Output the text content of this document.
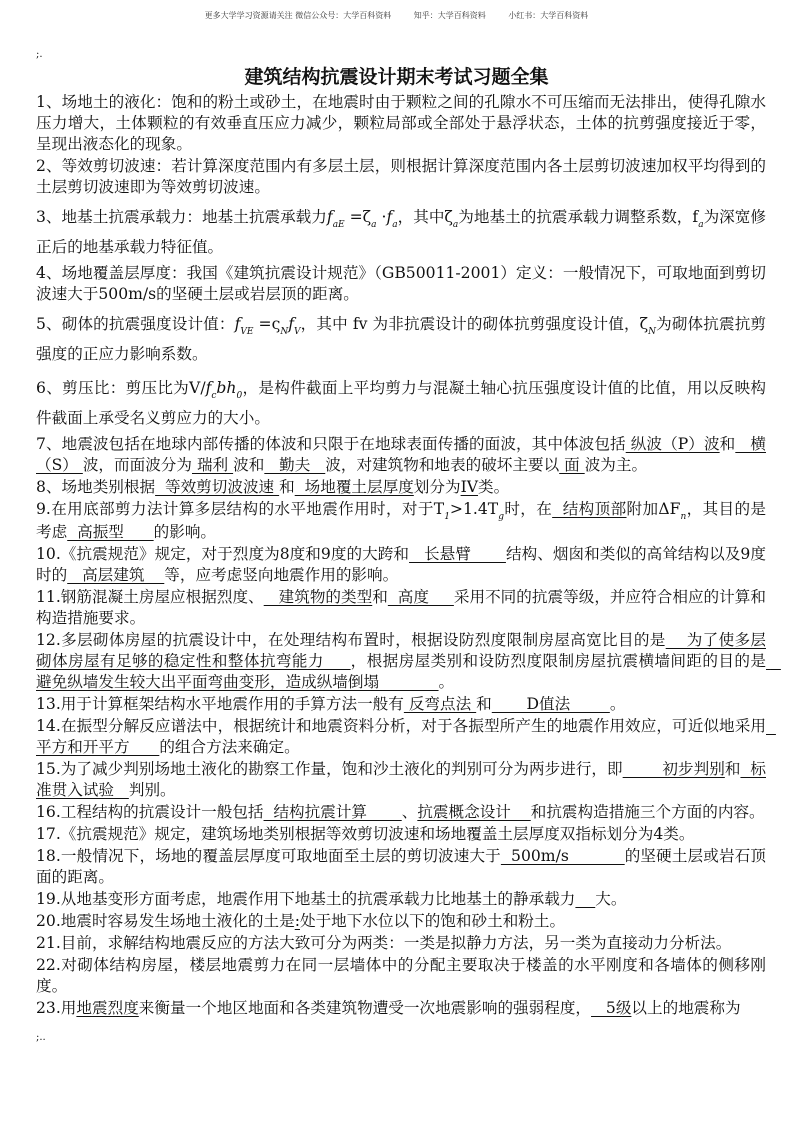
更多大学学习资源请关注 微信公众号：大学百科资料	知乎：大学百科资料	小红书：大学百科资料
;.
建筑结构抗震设计期末考试习题全集
1、场地土的液化：饱和的粉土或砂土，在地震时由于颗粒之间的孔隙水不可压缩而无法排出，使得孔隙水压力增大，土体颗粒的有效垂直压应力减少，颗粒局部或全部处于悬浮状态，土体的抗剪强度接近于零，呈现出液态化的现象。
2、等效剪切波速：若计算深度范围内有多层土层，则根据计算深度范围内各土层剪切波速加权平均得到的土层剪切波速即为等效剪切波速。
3、地基土抗震承载力：地基土抗震承载力$f_{aE} =\zeta_a \cdot f_a$，其中$\zeta_a$为地基土的抗震承载力调整系数，$f_a$为深宽修正后的地基承载力特征值。
4、场地覆盖层厚度：我国《建筑抗震设计规范》（GB50011-2001）定义：一般情况下，可取地面到剪切波速大于500m/s的坚硬土层或岩层顶的距离。
5、砌体的抗震强度设计值：$f_{VE} =\varsigma_Nf_V$，其中 fv 为非抗震设计的砌体抗剪强度设计值，$\zeta_N$为砌体抗震抗剪强度的正应力影响系数。
6、剪压比：剪压比为$V/f_cbh_0$，是构件截面上平均剪力与混凝土轴心抗压强度设计值的比值，用以反映构件截面上承受名义剪应力的大小。
7、地震波包括在地球内部传播的体波和只限于在地球表面传播的面波，其中体波包括 纵波（P）波和   横（S） 波，而面波分为 瑞利 波和   勤夫   波，对建筑物和地表的破坏主要以 面 波为主。
8、场地类别根据  等效剪切波波速 和  场地覆土层厚度划分为IV类。
9.在用底部剪力法计算多层结构的水平地震作用时，对于$T_1>1.4T_g$时，在  结构顶部附加$\Delta F_n$，其目的是考虑  高振型      的影响。
10.《抗震规范》规定，对于烈度为8度和9度的大跨和   长悬臂       结构、烟囱和类似的高耸结构以及9度时的   高层建筑    等，应考虑竖向地震作用的影响。
11.钢筋混凝土房屋应根据烈度、   建筑物的类型和  高度     采用不同的抗震等级，并应符合相应的计算和构造措施要求。
12.多层砌体房屋的抗震设计中，在处理结构布置时，根据设防烈度限制房屋高宽比目的是    为了使多层砌体房屋有足够的稳定性和整体抗弯能力     ，根据房屋类别和设防烈度限制房屋抗震横墙间距的目的是   避免纵墙发生较大出平面弯曲变形，造成纵墙倒塌            。
13.用于计算框架结构水平地震作用的手算方法一般有 反弯点法 和       D值法        。
14.在振型分解反应谱法中，根据统计和地震资料分析，对于各振型所产生的地震作用效应，可近似地采用  平方和开平方      的组合方法来确定。
15.为了减少判别场地土液化的勘察工作量，饱和沙土液化的判别可分为两步进行，即        初步判别和  标准贯入试验   判别。
16.工程结构的抗震设计一般包括  结构抗震计算       、抗震概念设计    和抗震构造措施三个方面的内容。
17.《抗震规范》规定，建筑场地类别根据等效剪切波速和场地覆盖土层厚度双指标划分为4类。
18.一般情况下，场地的覆盖层厚度可取地面至土层的剪切波速大于  500m/s           的坚硬土层或岩石顶面的距离。
19.从地基变形方面考虑，地震作用下地基土的抗震承载力比地基土的静承载力 大。
20.地震时容易发生场地土液化的土是:处于地下水位以下的饱和砂土和粉土。
21.目前，求解结构地震反应的方法大致可分为两类：一类是拟静力方法，另一类为直接动力分析法。
22.对砌体结构房屋，楼层地震剪力在同一层墙体中的分配主要取决于楼盖的水平刚度和各墙体的侧移刚度。
23.用地震烈度来衡量一个地区地面和各类建筑物遭受一次地震影响的强弱程度，   5级以上的地震称为
;..
